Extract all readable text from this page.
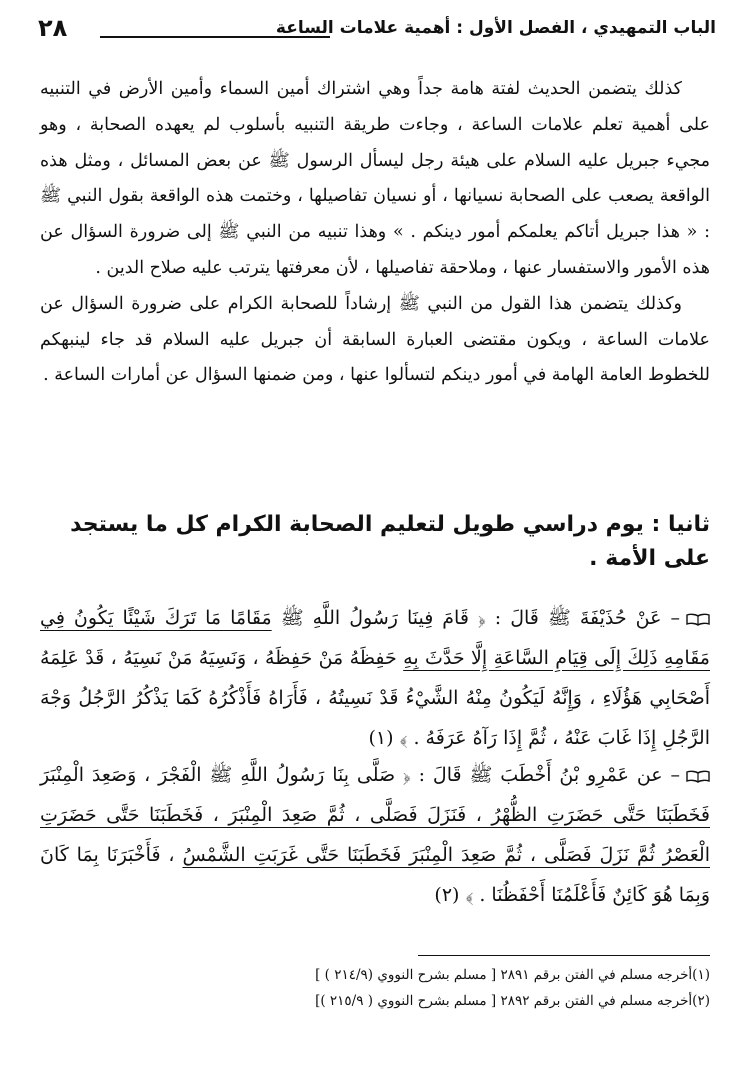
٢٨	الباب التمهيدي ، الفصل الأول : أهمية علامات الساعة

كذلك يتضمن الحديث لفتة هامة جداً وهي اشتراك أمين السماء وأمين الأرض في التنبيه على أهمية تعلم علامات الساعة ، وجاءت طريقة التنبيه بأسلوب لم يعهده الصحابة ، وهو مجيء جبريل عليه السلام على هيئة رجل ليسأل الرسول ﷺ عن بعض المسائل ، ومثل هذه الواقعة يصعب على الصحابة نسيانها ، أو نسيان تفاصيلها ، وختمت هذه الواقعة بقول النبي ﷺ : « هذا جبريل أتاكم يعلمكم أمور دينكم . » وهذا تنبيه من النبي ﷺ إلى ضرورة السؤال عن هذه الأمور والاستفسار عنها ، وملاحقة تفاصيلها ، لأن معرفتها يترتب عليه صلاح الدين .

وكذلك يتضمن هذا القول من النبي ﷺ إرشاداً للصحابة الكرام على ضرورة السؤال عن علامات الساعة ، ويكون مقتضى العبارة السابقة أن جبريل عليه السلام قد جاء لينبهكم للخطوط العامة الهامة في أمور دينكم لتسألوا عنها ، ومن ضمنها السؤال عن أمارات الساعة .

ثانيا : يوم دراسي طويل لتعليم الصحابة الكرام كل ما يستجد على الأمة .
– عَنْ حُذَيْفَةَ ﷺ قَالَ : ﴿ قَامَ فِينَا رَسُولُ اللَّهِ ﷺ مَقَامًا مَا تَرَكَ شَيْئًا يَكُونُ فِي مَقَامِهِ ذَلِكَ إِلَى قِيَامِ السَّاعَةِ إِلَّا حَدَّثَ بِهِ حَفِظَهُ مَنْ حَفِظَهُ ، وَنَسِيَهُ مَنْ نَسِيَهُ ، قَدْ عَلِمَهُ أَصْحَابِي هَؤُلَاءِ ، وَإِنَّهُ لَيَكُونُ مِنْهُ الشَّيْءُ قَدْ نَسِيتُهُ ، فَأَرَاهُ فَأَذْكُرُهُ كَمَا يَذْكُرُ الرَّجُلُ وَجْهَ الرَّجُلِ إِذَا غَابَ عَنْهُ ، ثُمَّ إِذَا رَآهُ عَرَفَهُ . ﴾ (١)
– عن عَمْرِو بْنُ أَخْطَبَ ﷺ قَالَ : ﴿ صَلَّى بِنَا رَسُولُ اللَّهِ ﷺ الْفَجْرَ ، وَصَعِدَ الْمِنْبَرَ فَخَطَبَنَا حَتَّى حَضَرَتِ الظُّهْرُ ، فَنَزَلَ فَصَلَّى ، ثُمَّ صَعِدَ الْمِنْبَرَ ، فَخَطَبَنَا حَتَّى حَضَرَتِ الْعَصْرُ ثُمَّ نَزَلَ فَصَلَّى ، ثُمَّ صَعِدَ الْمِنْبَرَ فَخَطَبَنَا حَتَّى غَرَبَتِ الشَّمْسُ ، فَأَخْبَرَنَا بِمَا كَانَ وَبِمَا هُوَ كَائِنٌ فَأَعْلَمُنَا أَحْفَظُنَا . ﴾ (٢)
(١)أخرجه مسلم في الفتن برقم ٢٨٩١ [ مسلم بشرح النووي (٢١٤/٩ ) ]
(٢)أخرجه مسلم في الفتن برقم ٢٨٩٢ [ مسلم بشرح النووي ( ٢١٥/٩ )]
